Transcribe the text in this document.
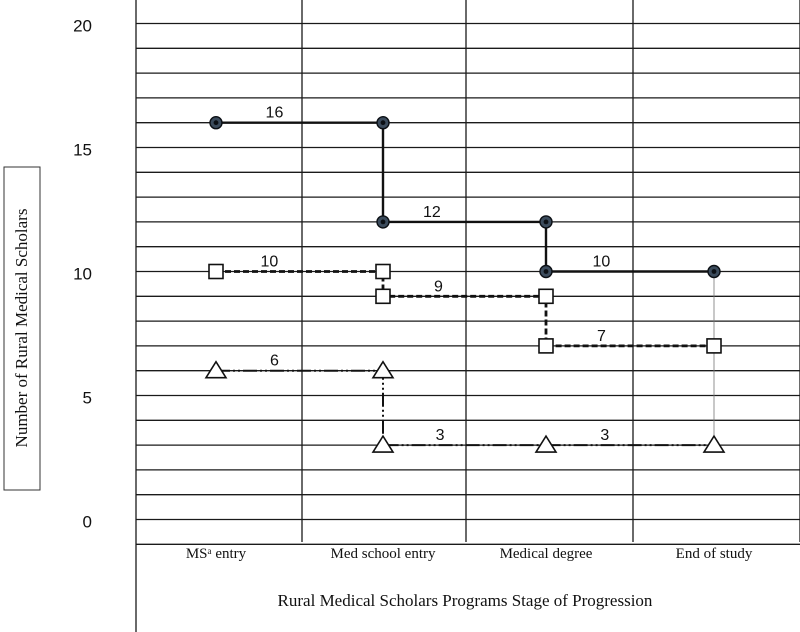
0
5
10
15
20
MSᵃ entry	Med school entry	Medical degree	End of study
16
12
10
10
9
7
6
3	3
Rural Medical Scholars Programs Stage of Progression
Number of Rural Medical Scholars
